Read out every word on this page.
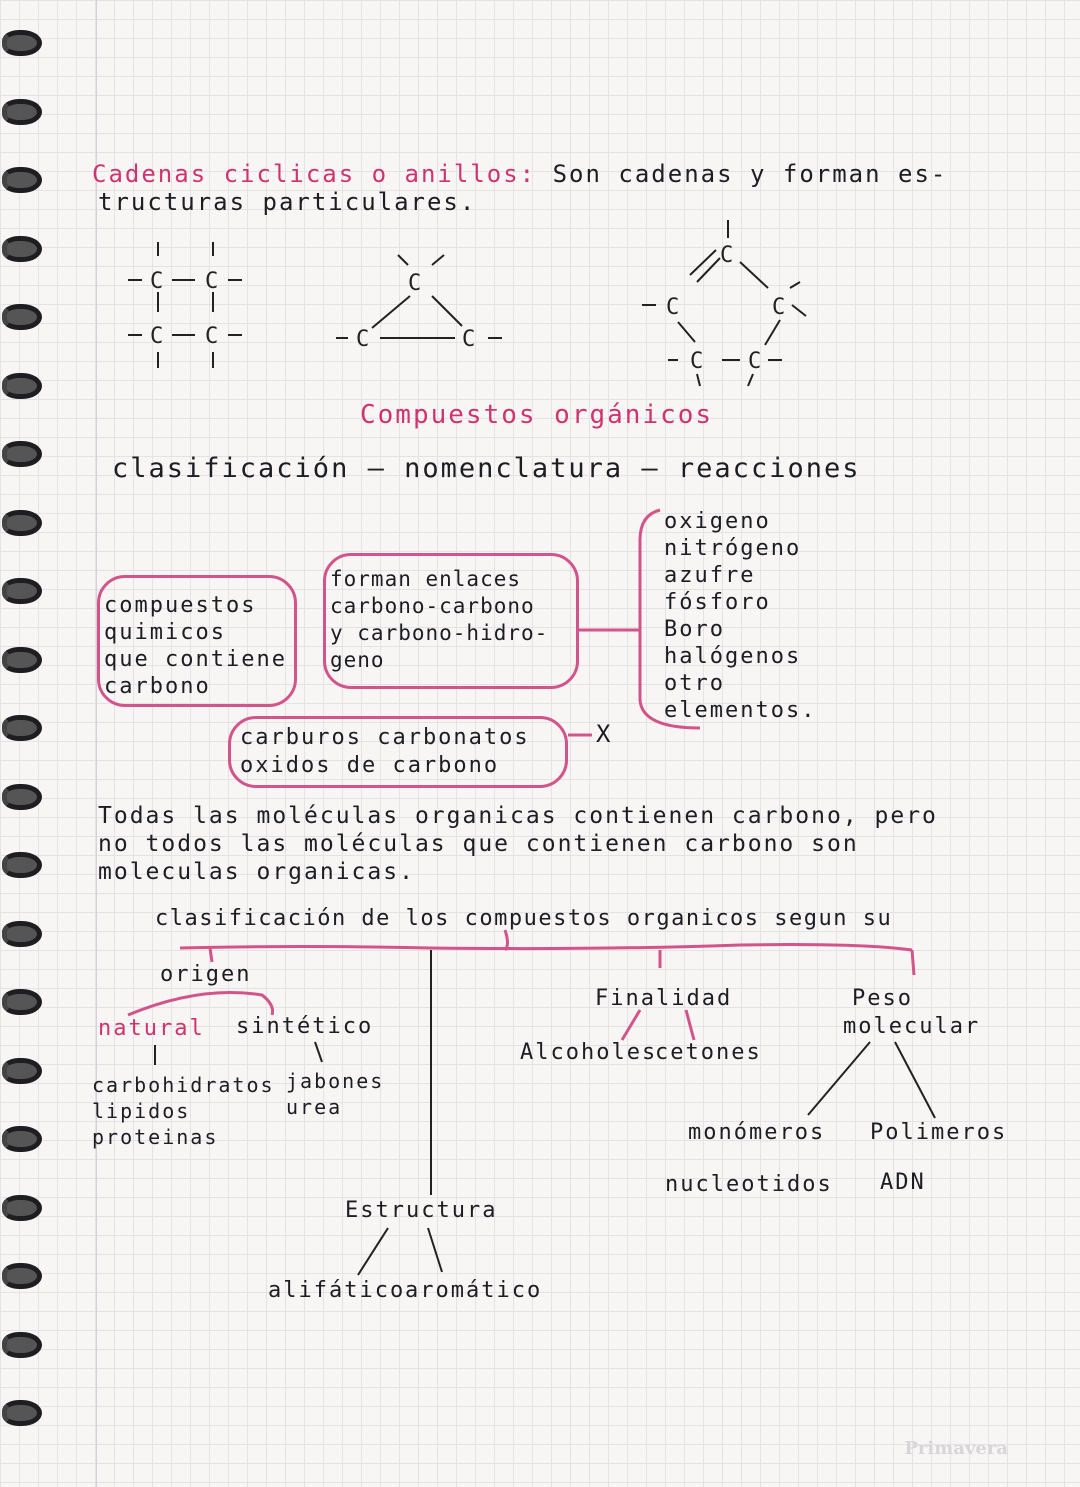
Cadenas ciclicas o anillos: Son cadenas y forman es-
tructuras particulares.
C C
C C
C
C	C
C
C	C
C C
Compuestos orgánicos
clasificación — nomenclatura — reacciones
compuestos
quimicos
que contiene
carbono
forman enlaces
carbono-carbono
y carbono-hidro-
geno
oxigeno
nitrógeno
azufre
fósforo
Boro
halógenos
otro
elementos.
carburos carbonatos
oxidos de carbono
X
Todas las moléculas organicas contienen carbono, pero
no todos las moléculas que contienen carbono son
moleculas organicas.
clasificación de los compuestos organicos segun su
origen
natural sintético
carbohidratos
lipidos
proteinas
jabones
urea
Finalidad
Alcoholes
cetones
Peso
molecular
monómeros Polimeros
nucleotidos ADN
Estructura
alifático aromático
Primavera
